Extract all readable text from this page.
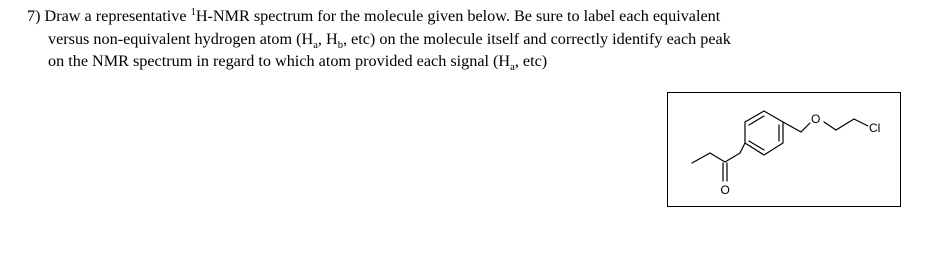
7) Draw a representative $^1$H-NMR spectrum for the molecule given below. Be sure to label each equivalent
versus non-equivalent hydrogen atom ($H_a$, $H_b$, etc) on the molecule itself and correctly identify each peak
on the NMR spectrum in regard to which atom provided each signal ($H_a$, etc)
O
Cl
O
